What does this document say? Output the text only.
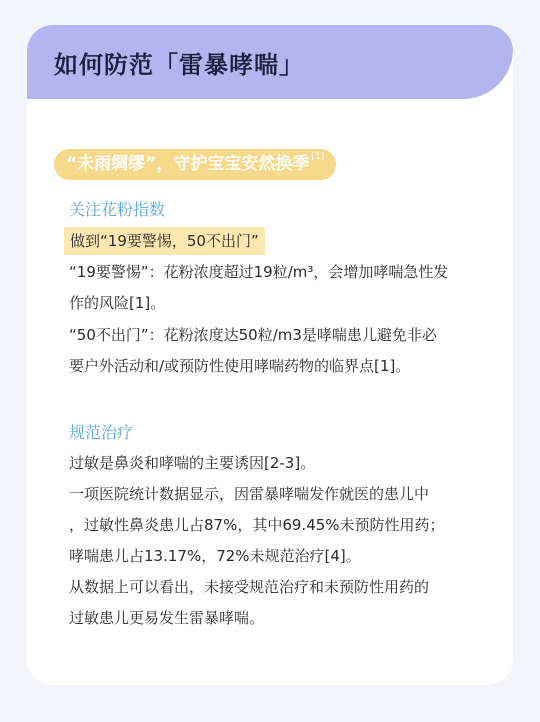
如何防范「雷暴哮喘」
“未雨绸缪”，守护宝宝安然换季 [1]
关注花粉指数
做到“19要警惕，50不出门”
“19要警惕”：花粉浓度超过19粒/m³，会增加哮喘急性发
作的风险[1]。
“50不出门”：花粉浓度达50粒/m3是哮喘患儿避免非必
要户外活动和/或预防性使用哮喘药物的临界点[1]。
规范治疗
过敏是鼻炎和哮喘的主要诱因[2-3]。
一项医院统计数据显示，因雷暴哮喘发作就医的患儿中
，过敏性鼻炎患儿占87%，其中69.45%未预防性用药；
哮喘患儿占13.17%，72%未规范治疗[4]。
从数据上可以看出，未接受规范治疗和未预防性用药的
过敏患儿更易发生雷暴哮喘。
